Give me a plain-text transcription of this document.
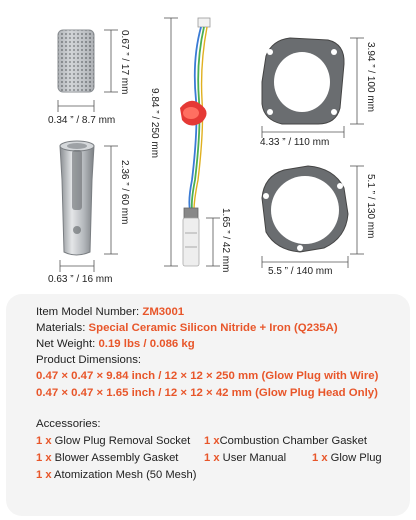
0.67 ” / 17 mm
0.34 ” / 8.7 mm
2.36 ” / 60 mm
0.63 ” / 16 mm
9.84 ” / 250 mm
1.65 ” / 42 mm
3.94 ” / 100 mm
4.33 ” / 110 mm
5.1 ” / 130 mm
5.5 ” / 140 mm
Item Model Number: ZM3001
Materials: Special Ceramic Silicon Nitride + Iron (Q235A)
Net Weight: 0.19 lbs / 0.086 kg
Product Dimensions:
0.47 × 0.47 × 9.84 inch / 12 × 12 × 250 mm (Glow Plug with Wire)
0.47 × 0.47 × 1.65 inch / 12 × 12 × 42 mm (Glow Plug Head Only)
Accessories:
1 x Glow Plug Removal Socket 1 xCombustion Chamber Gasket
1 x Blower Assembly Gasket 1 x User Manual 1 x Glow Plug
1 x Atomization Mesh (50 Mesh)
